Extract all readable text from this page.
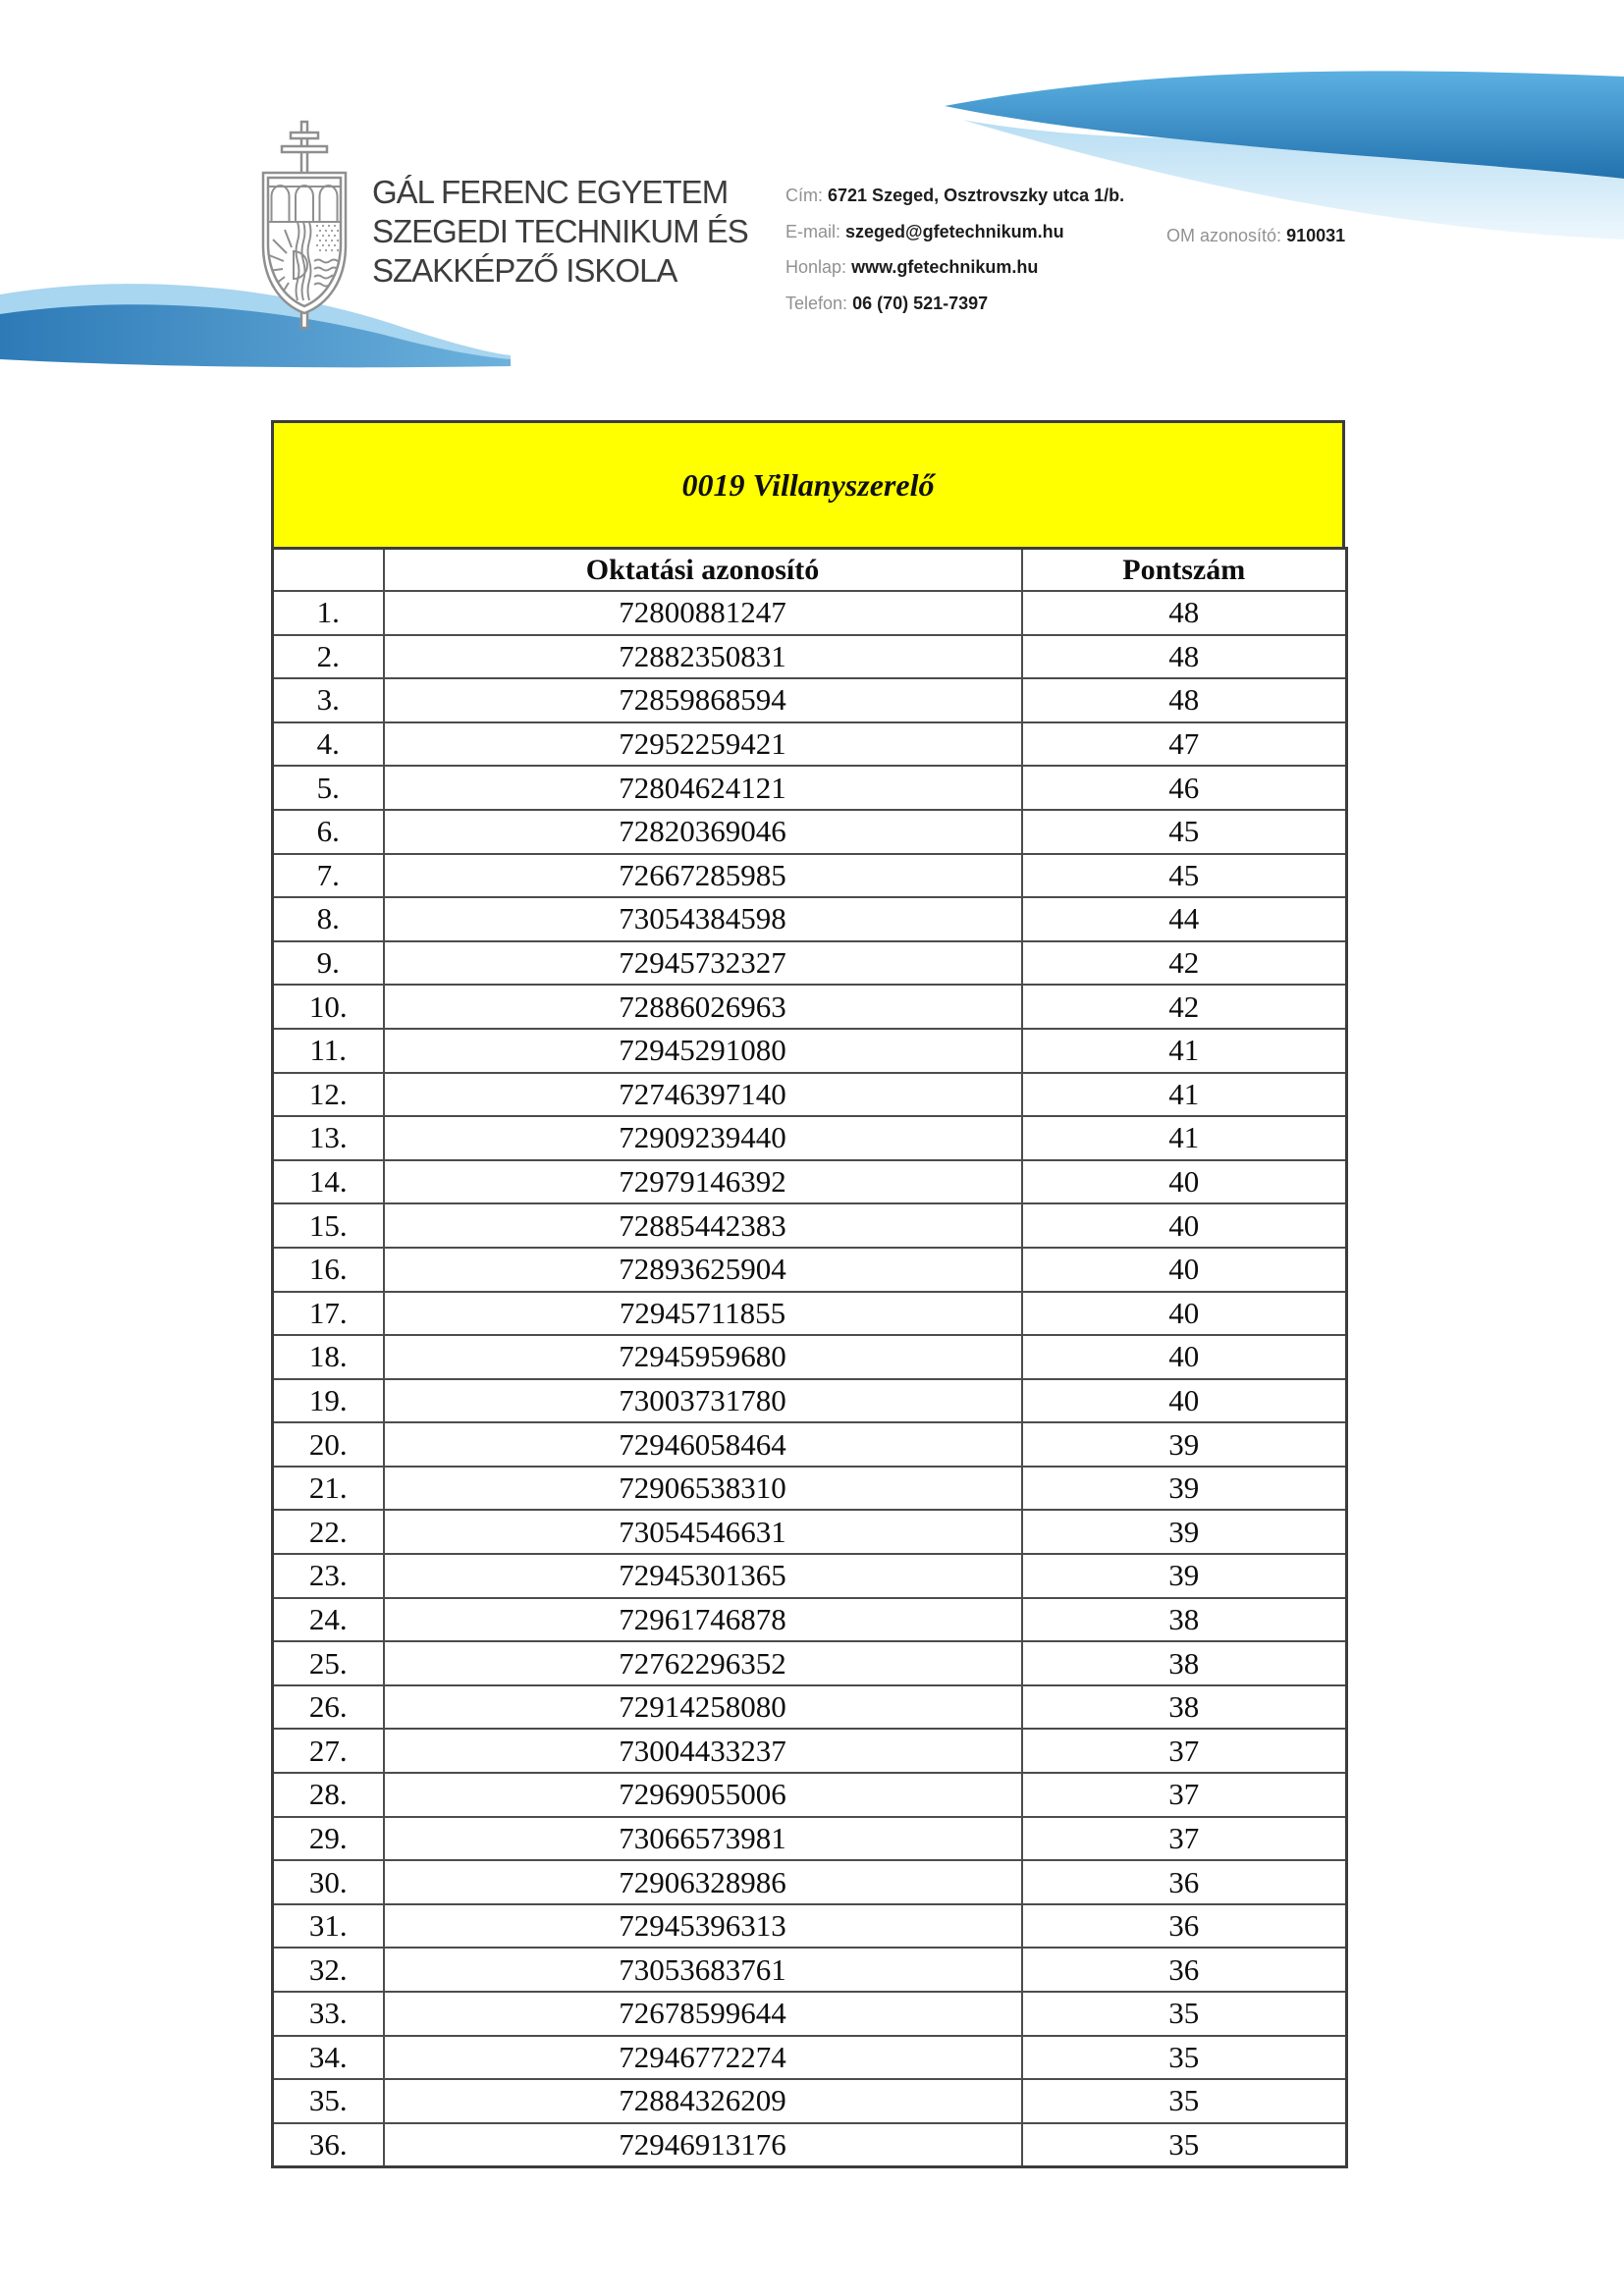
GÁL FERENC EGYETEM
SZEGEDI TECHNIKUM ÉS
SZAKKÉPZŐ ISKOLA
Cím: 6721 Szeged, Osztrovszky utca 1/b.
E-mail: szeged@gfetechnikum.hu
Honlap: www.gfetechnikum.hu
Telefon: 06 (70) 521-7397
OM azonosító: 910031
0019 Villanyszerelő
	Oktatási azonosító	Pontszám
1.	72800881247	48
2.	72882350831	48
3.	72859868594	48
4.	72952259421	47
5.	72804624121	46
6.	72820369046	45
7.	72667285985	45
8.	73054384598	44
9.	72945732327	42
10.	72886026963	42
11.	72945291080	41
12.	72746397140	41
13.	72909239440	41
14.	72979146392	40
15.	72885442383	40
16.	72893625904	40
17.	72945711855	40
18.	72945959680	40
19.	73003731780	40
20.	72946058464	39
21.	72906538310	39
22.	73054546631	39
23.	72945301365	39
24.	72961746878	38
25.	72762296352	38
26.	72914258080	38
27.	73004433237	37
28.	72969055006	37
29.	73066573981	37
30.	72906328986	36
31.	72945396313	36
32.	73053683761	36
33.	72678599644	35
34.	72946772274	35
35.	72884326209	35
36.	72946913176	35
